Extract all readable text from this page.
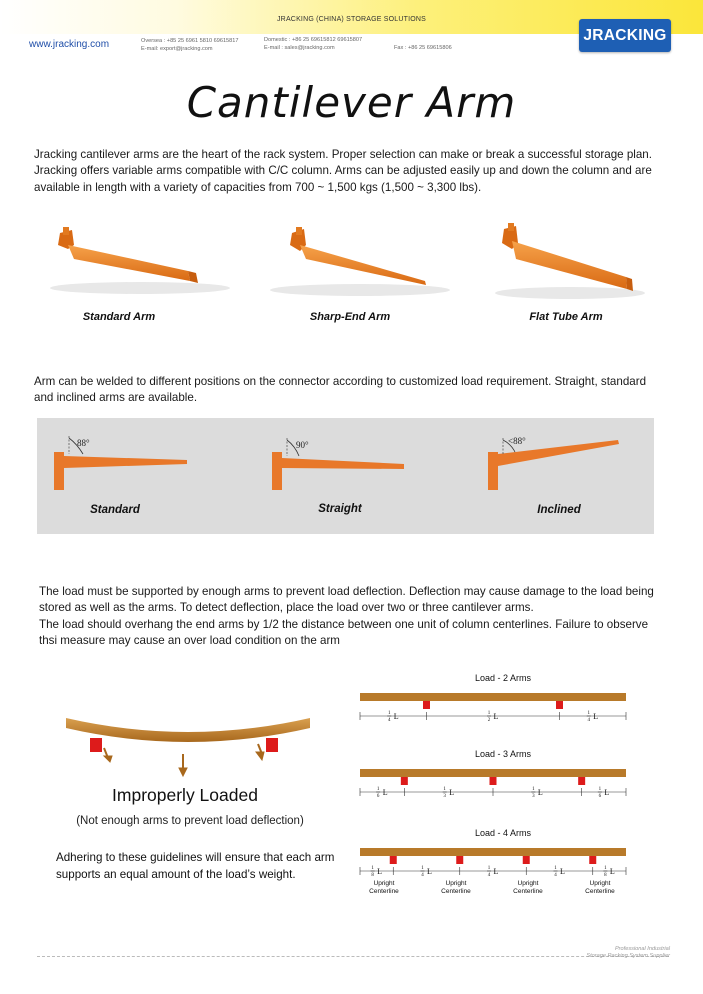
JRACKING (CHINA) STORAGE SOLUTIONS
www.jracking.com	Oversea : +85 25 6961 5810 69615817
E-mail: export@jracking.com
Domestic : +86 25 69615812 69615807
E-mail : sales@jracking.com	Fax : +86 25 69615806
JRACKING
Cantilever Arm
Jracking cantilever arms are the heart of the rack system. Proper selection can make or break a successful storage plan. Jracking offers variable arms compatible with C/C column. Arms can be adjusted easily up and down the column and are available in length with a variety of capacities from 700 ~ 1,500 kgs (1,500 ~ 3,300 lbs).
Standard Arm	Sharp-End Arm	Flat Tube Arm
Arm can be welded to different positions on the connector according to customized load requirement. Straight, standard and inclined arms are available.
88°	90°	<88°
Standard	Straight	Inclined
The load must be supported by enough arms to prevent load deflection. Deflection may cause damage to the load being stored as well as the arms. To detect deflection, place the load over two or three cantilever arms.
The load should overhang the end arms by 1/2 the distance between one unit of column centerlines. Failure to observe thsi measure may cause an over load condition on the arm
Improperly Loaded
(Not enough arms to prevent load deflection)
Adhering to these guidelines will ensure that each arm supports an equal amount of the load’s weight.
Load - 2 Arms
Load - 3 Arms
Load - 4 Arms
1
4 L	1
2 L	1
4 L
1
6 L	1
3 L	1
3 L	1
6 L
1
8 L	1
4 L	1
4 L	1
4 L	1
8 L
Upright
Centerline
Upright
Centerline
Upright
Centerline
Upright
Centerline
Professional Industrial
Storage Racking System Supplier
